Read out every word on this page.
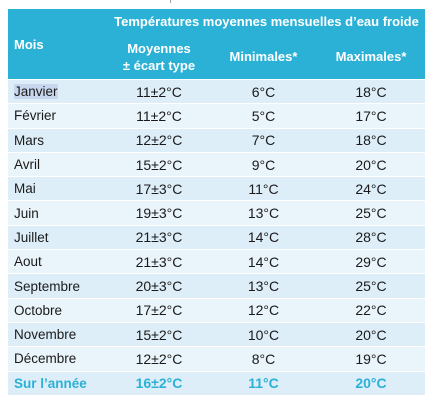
Mois	Températures moyennes mensuelles d’eau froide		

	Moyennes
± écart type	Minimales*	Maximales*
Janvier	11±2°C	6°C	18°C
Février	11±2°C	5°C	17°C
Mars	12±2°C	7°C	18°C
Avril	15±2°C	9°C	20°C
Mai	17±3°C	11°C	24°C
Juin	19±3°C	13°C	25°C
Juillet	21±3°C	14°C	28°C
Aout	21±3°C	14°C	29°C
Septembre	20±3°C	13°C	25°C
Octobre	17±2°C	12°C	22°C
Novembre	15±2°C	10°C	20°C
Décembre	12±2°C	8°C	19°C
Sur l’année	16±2°C	11°C	20°C
